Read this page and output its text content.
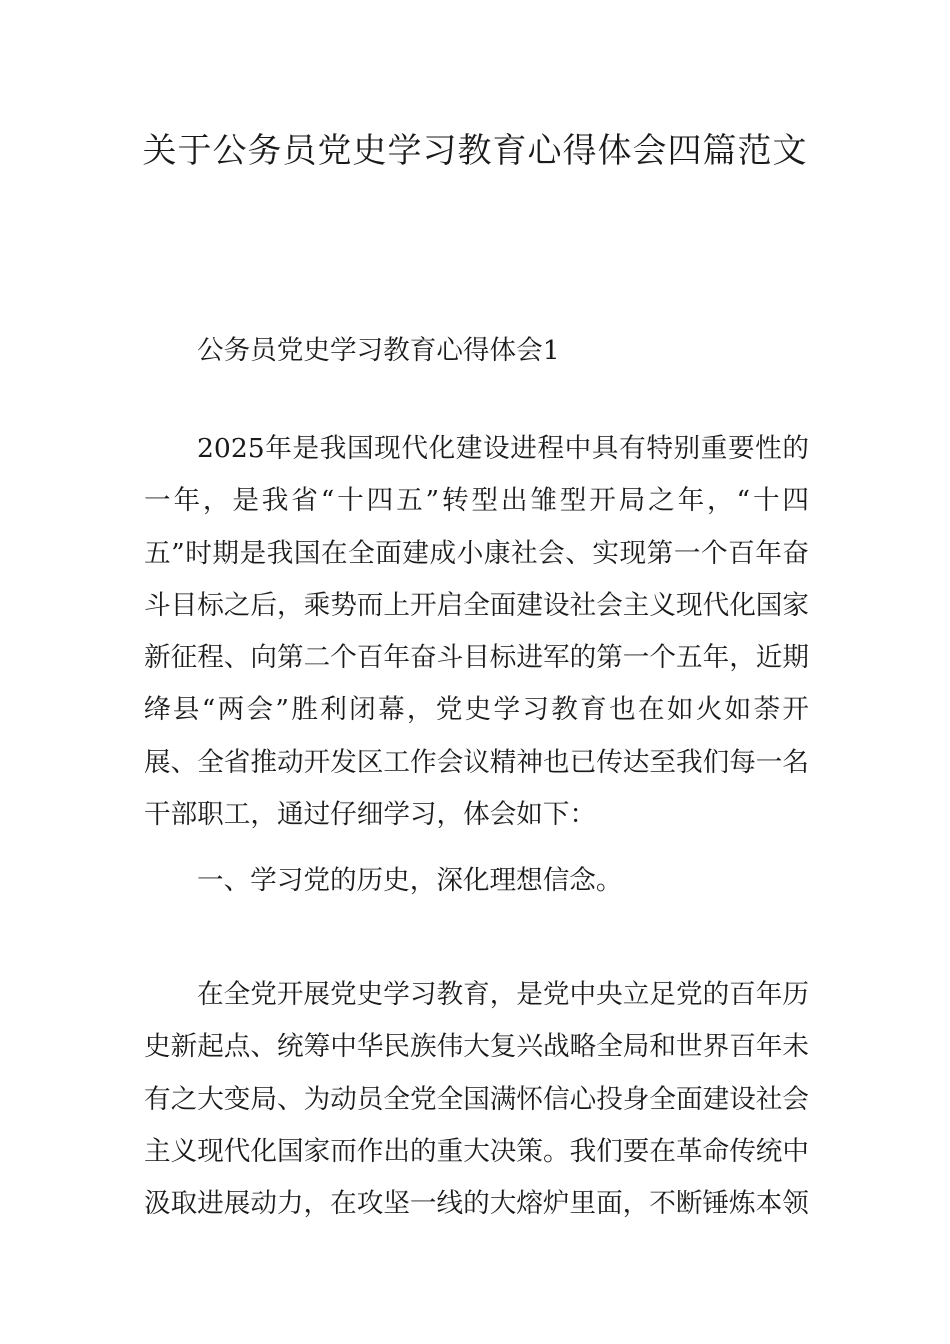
关于公务员党史学习教育心得体会四篇范文

公务员党史学习教育心得体会1

2025年是我国现代化建设进程中具有特别重要性的一年，是我省“十四五”转型出雏型开局之年，“十四五”时期是我国在全面建成小康社会、实现第一个百年奋斗目标之后，乘势而上开启全面建设社会主义现代化国家新征程、向第二个百年奋斗目标进军的第一个五年，近期绛县“两会”胜利闭幕，党史学习教育也在如火如荼开展、全省推动开发区工作会议精神也已传达至我们每一名干部职工，通过仔细学习，体会如下：

一、学习党的历史，深化理想信念。

在全党开展党史学习教育，是党中央立足党的百年历史新起点、统筹中华民族伟大复兴战略全局和世界百年未有之大变局、为动员全党全国满怀信心投身全面建设社会主义现代化国家而作出的重大决策。我们要在革命传统中汲取进展动力，在攻坚一线的大熔炉里面，不断锤炼本领
